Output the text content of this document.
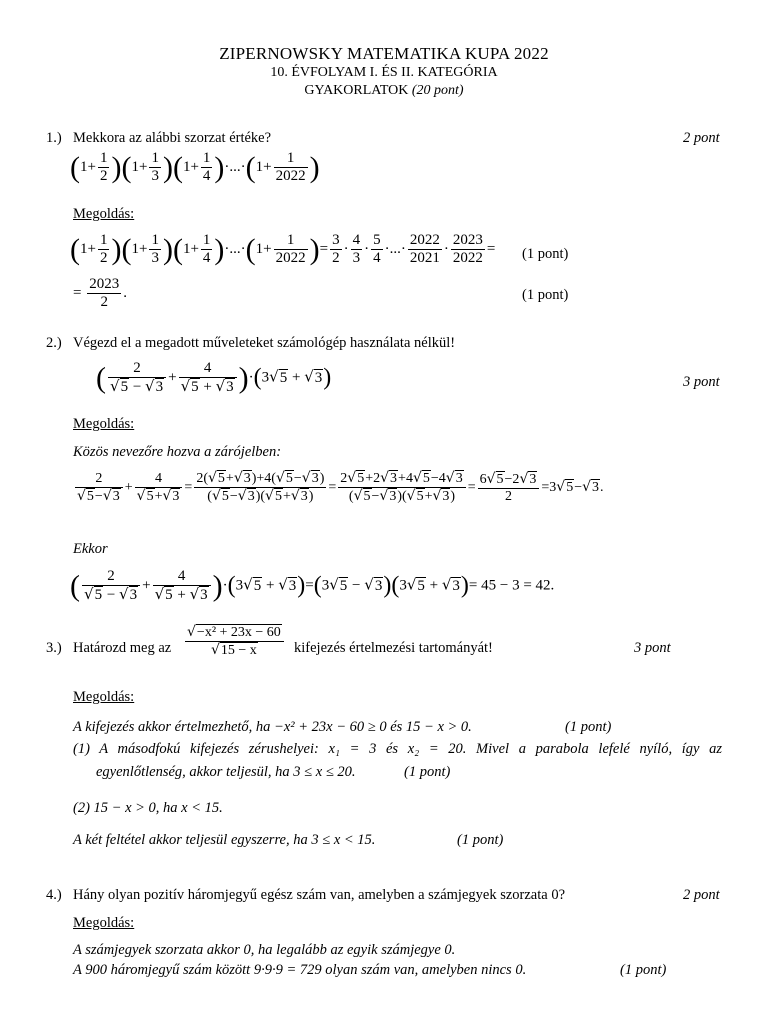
ZIPERNOWSKY MATEMATIKA KUPA 2022
10. ÉVFOLYAM I. ÉS II. KATEGÓRIA
GYAKORLATOK (20 pont)
1.) Mekkora az alábbi szorzat értéke?	2 pont
$(1+ \frac{1}{2} )(1+ \frac{1}{3} )(1+ \frac{1}{4} )\cdot...\cdot(1+ \frac{1}{2022}$ )
Megoldás:
$(1+ \frac{1}{2} )(1+ \frac{1}{3} )(1+ \frac{1}{4} )\cdot...\cdot(1+ \frac{1}{2022}$ )= $\frac{3}{2} \cdot \frac{4}{3} \cdot \frac{5}{4}$ ·...· $\frac{2022}{2021} \cdot \frac{2023}{2022} = (1$ pont)
= $\frac{2023}{2}$ .	(1 pont)
2.) Végezd el a megadott műveleteket számológép használata nélkül!
3 pont
( $\frac{2}{√5 - √3} + \frac{4}{√5 + √3} )\cdot(3√5 + √3)$
Megoldás:
Közös nevezőre hozva a zárójelben:
$\frac{2}{√5-√3} + \frac{4}{√5+√3} = \frac{2(√5+√3)+4(√5-√3)}{(√5-√3)(√5+√3)} = \frac{2√5+2√3+4√5-4√3}{(√5-√3)(√5+√3)} = \frac{6√5-2√3}{2} =3√5-√3$.
Ekkor
( $\frac{2}{√5 - √3} + \frac{4}{√5 + √3} )\cdot(3√5 + √3)=(3√5 - √3)(3√5 + √3)= 45 - 3 = 42$.
3.) Határozd meg az $\frac{\text{√−x² + 23x − 60}}{√15 - x}$ kifejezés értelmezési tartományát!	3 pont
Megoldás:
A kifejezés akkor értelmezhető, ha −x² + 23x − 60 ≥ 0 és 15 − x > 0.	(1 pont)
(1) A másodfokú kifejezés zérushelyei: x₁ = 3 és x₂ = 20. Mivel a parabola lefelé nyíló, így az
egyenlőtlenség, akkor teljesül, ha 3 ≤ x ≤ 20.	(1 pont)
(2) 15 − x > 0, ha x < 15.
A két feltétel akkor teljesül egyszerre, ha 3 ≤ x < 15.	(1 pont)
4.) Hány olyan pozitív háromjegyű egész szám van, amelyben a számjegyek szorzata 0?	2 pont
Megoldás:
A számjegyek szorzata akkor 0, ha legalább az egyik számjegye 0.
A 900 háromjegyű szám között 9·9·9 = 729 olyan szám van, amelyben nincs 0.	(1 pont)
